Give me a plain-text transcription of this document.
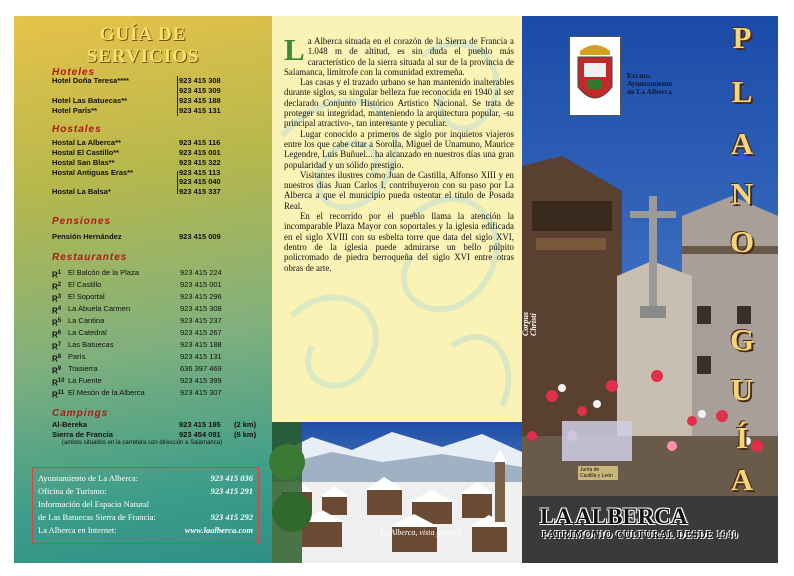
GUÍA DE
SERVICIOS
Hoteles
Hotel Doña Teresa****	923 415 308
923 415 309
Hotel Las Batuecas**	923 415 188
Hotel París**	923 415 131
Hostales
Hostal La Alberca**	923 415 116
Hostal El Castillo**	923 415 001
Hostal San Blas**	923 415 322
Hostal Antiguas Eras**	923 415 113
923 415 040
Hostal La Balsa*	923 415 337
Pensiones
Pensión Hernández	923 415 009
Restaurantes
$R^1$ El Balcón de la Plaza	923 415 224
$R^2$ El Castillo	923 415 001
$R^3$ El Soportal	923 415 296
$R^4$ La Abuela Carmen	923 415 308
$R^5$ La Cantina	923 415 237
$R^6$ La Catedral	923 415 267
$R^7$ Las Batuecas	923 415 188
$R^8$ París	923 415 131
$R^9$ Trasierra	636 397 469
$R^{10}$ La Fuente	923 415 399
$R^{11}$ El Mesón de la Alberca	923 415 307
Campings
Al-Bereka	923 415 195 (2 km)
Sierra de Francia	923 454 081 (5 km)
(ambos situados en la carretera con dirección a Salamanca)
Ayuntamiento de La Alberca:	923 415 036
Oficina de Turismo:	923 415 291
Información del Espacio Natural
de Las Batuecas Sierra de Francia:	923 415 292
La Alberca en Internet:	www.laalberca.com

La Alberca situada en el corazón de la Sierra de Francia a 1.048 m de altitud, es sin duda el pueblo más característico de la sierra situada al sur de la provincia de Salamanca, limítrofe con la comunidad extremeña.

Las casas y el trazado urbano se han mantenido inalterables durante siglos, su singular belleza fue reconocida en 1940 al ser declarado Conjunto Histórico Artístico Nacional. Se trata de proteger su integridad, manteniendo la arquitectura popular, -su principal atractivo-, tan interesante y peculiar.

Lugar conocido a primeros de siglo por inquietos viajeros entre los que cabe citar a Sorolla, Miguel de Unamuno, Maurice Legendre, Luis Buñuel... ha alcanzado en nuestros días una gran popularidad y un sólido prestigio.

Visitantes ilustres como Juan de Castilla, Alfonso XIII y en nuestros días Juan Carlos I, contribuyeron con su paso por La Alberca a que el municipio pueda ostentar el título de Posada Real.

En el recorrido por el pueblo llama la atención la incomparable Plaza Mayor con soportales y la iglesia edificada en el siglo XVIII con su esbelta torre que data del siglo XVI, dentro de la iglesia puede admirarse un bello púlpito policromado de piedra berroqueña del siglo XVI entre otras obras de arte.

La Alberca, vista general
Excmo.
Ayuntamiento
de La Alberca
Corpus Christi
Junta de
Castilla y León
P
L
A
N
O
G
U
Í
A
LA ALBERCA
PATRIMONIO CULTURAL DESDE 1940
